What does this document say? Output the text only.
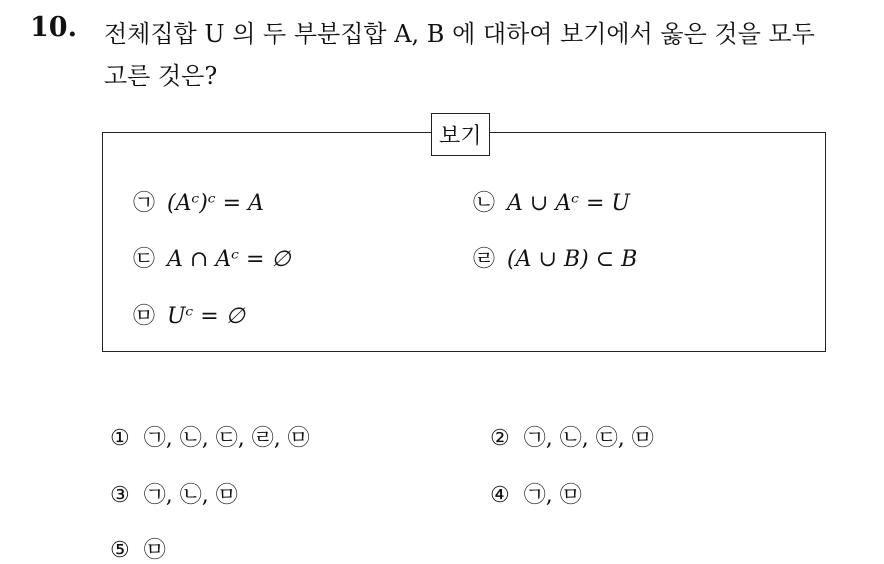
10. 전체집합 U 의 두 부분집합 A, B 에 대하여 보기에서 옳은 것을 모두
고른 것은?
보기
㉠ (Aᶜ)ᶜ = A	㉡ A ∪ Aᶜ = U
㉢ A ∩ Aᶜ = ∅	㉣ (A ∪ B) ⊂ B
㉤ Uᶜ = ∅
① ㉠, ㉡, ㉢, ㉣, ㉤	② ㉠, ㉡, ㉢, ㉤
③ ㉠, ㉡, ㉤	④ ㉠, ㉤
⑤ ㉤
